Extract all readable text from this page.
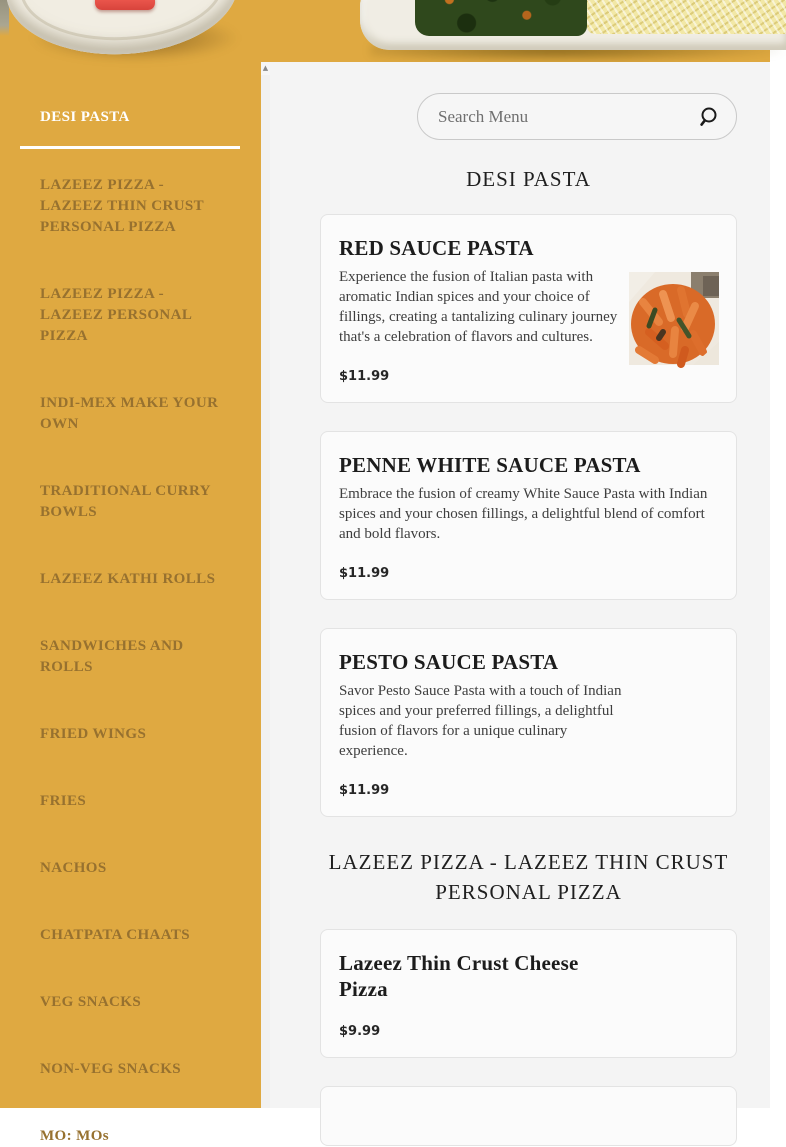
DESI PASTA
LAZEEZ PIZZA - LAZEEZ THIN CRUST PERSONAL PIZZA
LAZEEZ PIZZA - LAZEEZ PERSONAL PIZZA
INDI-MEX MAKE YOUR OWN
TRADITIONAL CURRY BOWLS
LAZEEZ KATHI ROLLS
SANDWICHES AND ROLLS
FRIED WINGS
FRIES
NACHOS
CHATPATA CHAATS
VEG SNACKS
NON-VEG SNACKS
MO: MOs
▲
Search Menu
DESI PASTA
RED SAUCE PASTA

Experience the fusion of Italian pasta with aromatic Indian spices and your choice of fillings, creating a tantalizing culinary journey that's a celebration of flavors and cultures.

$11.99
PENNE WHITE SAUCE PASTA

Embrace the fusion of creamy White Sauce Pasta with Indian spices and your chosen fillings, a delightful blend of comfort and bold flavors.

$11.99
PESTO SAUCE PASTA

Savor Pesto Sauce Pasta with a touch of Indian spices and your preferred fillings, a delightful fusion of flavors for a unique culinary experience.

$11.99
LAZEEZ PIZZA - LAZEEZ THIN CRUST PERSONAL PIZZA
Lazeez Thin Crust Cheese Pizza
$9.99
